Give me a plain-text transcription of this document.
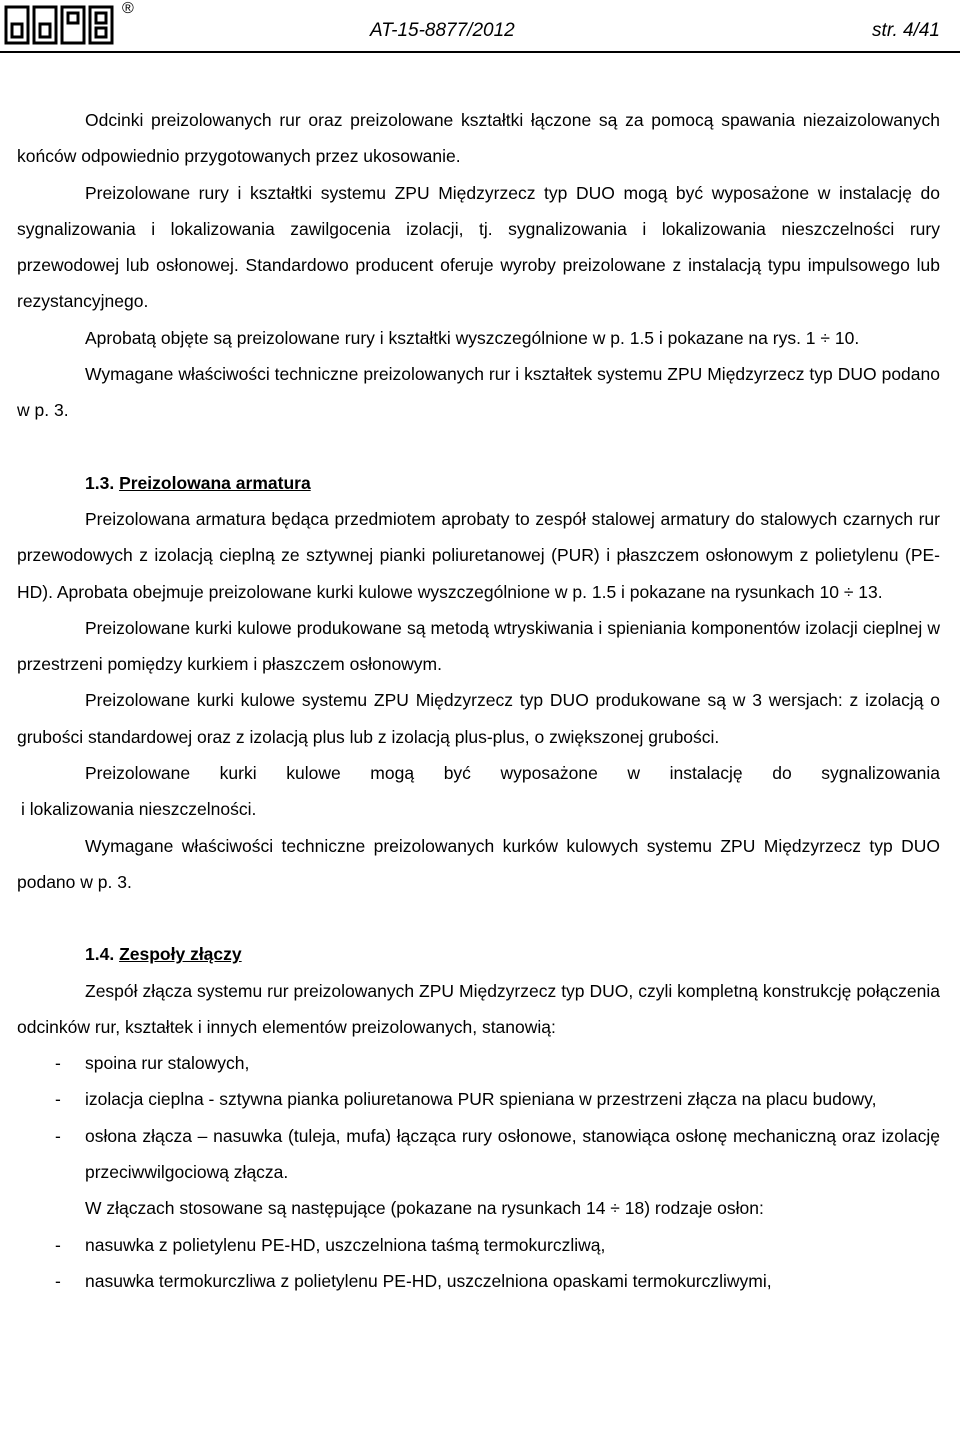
®
AT-15-8877/2012	str. 4/41

Odcinki preizolowanych rur oraz preizolowane kształtki łączone są za pomocą spawania niezaizolowanych końców odpowiednio przygotowanych przez ukosowanie.

Preizolowane rury i kształtki systemu ZPU Międzyrzecz typ DUO mogą być wyposażone w instalację do sygnalizowania i lokalizowania zawilgocenia izolacji, tj. sygnalizowania i lokalizowania nieszczelności rury przewodowej lub osłonowej. Standardowo producent oferuje wyroby preizolowane z instalacją typu impulsowego lub rezystancyjnego.

Aprobatą objęte są preizolowane rury i kształtki wyszczególnione w p. 1.5 i pokazane na rys. 1 ÷ 10.

Wymagane właściwości techniczne preizolowanych rur i kształtek systemu ZPU Międzyrzecz typ DUO podano w p. 3.

1.3. Preizolowana armatura

Preizolowana armatura będąca przedmiotem aprobaty to zespół stalowej armatury do stalowych czarnych rur przewodowych z izolacją cieplną ze sztywnej pianki poliuretanowej (PUR) i płaszczem osłonowym z polietylenu (PE-HD). Aprobata obejmuje preizolowane kurki kulowe wyszczególnione w p. 1.5 i pokazane na rysunkach 10 ÷ 13.

Preizolowane kurki kulowe produkowane są metodą wtryskiwania i spieniania komponentów izolacji cieplnej w przestrzeni pomiędzy kurkiem i płaszczem osłonowym.

Preizolowane kurki kulowe systemu ZPU Międzyrzecz typ DUO produkowane są w 3 wersjach: z izolacją o grubości standardowej oraz z izolacją plus lub z izolacją plus-plus, o zwiększonej grubości.

Preizolowane kurki kulowe mogą być wyposażone w instalację do sygnalizowania

i lokalizowania nieszczelności.

Wymagane właściwości techniczne preizolowanych kurków kulowych systemu ZPU Międzyrzecz typ DUO podano w p. 3.

1.4. Zespoły złączy

Zespół złącza systemu rur preizolowanych ZPU Międzyrzecz typ DUO, czyli kompletną konstrukcję połączenia odcinków rur, kształtek i innych elementów preizolowanych, stanowią:

- spoina rur stalowych,
- izolacja cieplna - sztywna pianka poliuretanowa PUR spieniana w przestrzeni złącza na placu budowy,
- osłona złącza – nasuwka (tuleja, mufa) łącząca rury osłonowe, stanowiąca osłonę mechaniczną oraz izolację przeciwwilgociową złącza.

W złączach stosowane są następujące (pokazane na rysunkach 14 ÷ 18) rodzaje osłon:

- nasuwka z polietylenu PE-HD, uszczelniona taśmą termokurczliwą,
- nasuwka termokurczliwa z polietylenu PE-HD, uszczelniona opaskami termokurczliwymi,
